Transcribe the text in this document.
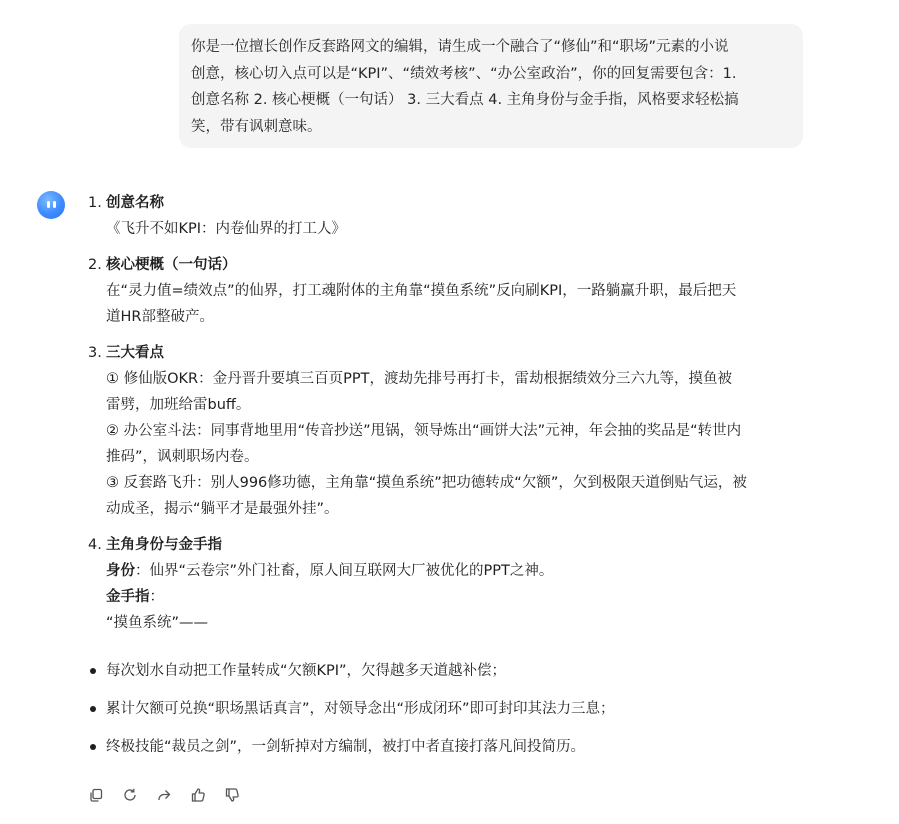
你是一位擅长创作反套路网文的编辑，请生成一个融合了“修仙”和“职场”元素的小说
创意，核心切入点可以是“KPI”、“绩效考核”、“办公室政治”，你的回复需要包含：1.
创意名称 2. 核心梗概（一句话） 3. 三大看点 4. 主角身份与金手指，风格要求轻松搞
笑，带有讽刺意味。
1. 创意名称

《飞升不如KPI：内卷仙界的打工人》

2. 核心梗概（一句话）

在“灵力值=绩效点”的仙界，打工魂附体的主角靠“摸鱼系统”反向刷KPI，一路躺赢升职，最后把天

道HR部整破产。

3. 三大看点

① 修仙版OKR：金丹晋升要填三百页PPT，渡劫先排号再打卡，雷劫根据绩效分三六九等，摸鱼被

雷劈，加班给雷buff。

② 办公室斗法：同事背地里用“传音抄送”甩锅，领导炼出“画饼大法”元神，年会抽的奖品是“转世内

推码”，讽刺职场内卷。

③ 反套路飞升：别人996修功德，主角靠“摸鱼系统”把功德转成“欠额”，欠到极限天道倒贴气运，被

动成圣，揭示“躺平才是最强外挂”。

4. 主角身份与金手指

身份：仙界“云卷宗”外门社畜，原人间互联网大厂被优化的PPT之神。

金手指：

“摸鱼系统”——

每次划水自动把工作量转成“欠额KPI”，欠得越多天道越补偿；
累计欠额可兑换“职场黑话真言”，对领导念出“形成闭环”即可封印其法力三息；
终极技能“裁员之剑”，一剑斩掉对方编制，被打中者直接打落凡间投简历。
